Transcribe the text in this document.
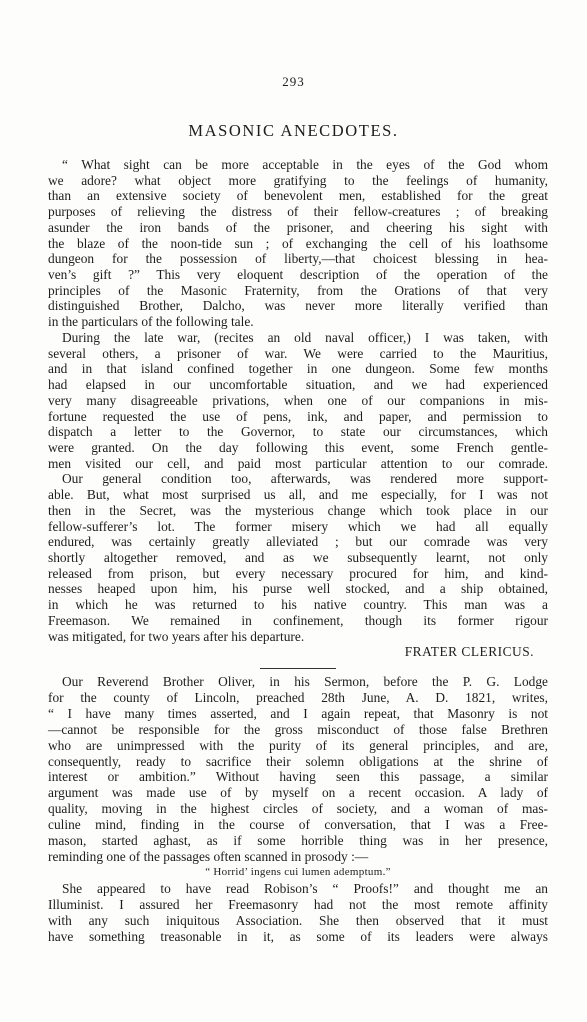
293
MASONIC ANECDOTES.
“ What sight can be more acceptable in the eyes of the God whom
we adore? what object more gratifying to the feelings of humanity,
than an extensive society of benevolent men, established for the great
purposes of relieving the distress of their fellow-creatures ; of breaking
asunder the iron bands of the prisoner, and cheering his sight with
the blaze of the noon-tide sun ; of exchanging the cell of his loathsome
dungeon for the possession of liberty,—that choicest blessing in hea-
ven’s gift ?” This very eloquent description of the operation of the
principles of the Masonic Fraternity, from the Orations of that very
distinguished Brother, Dalcho, was never more literally verified than
in the particulars of the following tale.
During the late war, (recites an old naval officer,) I was taken, with
several others, a prisoner of war. We were carried to the Mauritius,
and in that island confined together in one dungeon. Some few months
had elapsed in our uncomfortable situation, and we had experienced
very many disagreeable privations, when one of our companions in mis-
fortune requested the use of pens, ink, and paper, and permission to
dispatch a letter to the Governor, to state our circumstances, which
were granted. On the day following this event, some French gentle-
men visited our cell, and paid most particular attention to our comrade.
Our general condition too, afterwards, was rendered more support-
able. But, what most surprised us all, and me especially, for I was not
then in the Secret, was the mysterious change which took place in our
fellow-sufferer’s lot. The former misery which we had all equally
endured, was certainly greatly alleviated ; but our comrade was very
shortly altogether removed, and as we subsequently learnt, not only
released from prison, but every necessary procured for him, and kind-
nesses heaped upon him, his purse well stocked, and a ship obtained,
in which he was returned to his native country. This man was a
Freemason. We remained in confinement, though its former rigour
was mitigated, for two years after his departure.
FRATER CLERICUS.
Our Reverend Brother Oliver, in his Sermon, before the P. G. Lodge
for the county of Lincoln, preached 28th June, A. D. 1821, writes,
“ I have many times asserted, and I again repeat, that Masonry is not
—cannot be responsible for the gross misconduct of those false Brethren
who are unimpressed with the purity of its general principles, and are,
consequently, ready to sacrifice their solemn obligations at the shrine of
interest or ambition.” Without having seen this passage, a similar
argument was made use of by myself on a recent occasion. A lady of
quality, moving in the highest circles of society, and a woman of mas-
culine mind, finding in the course of conversation, that I was a Free-
mason, started aghast, as if some horrible thing was in her presence,
reminding one of the passages often scanned in prosody :—
“ Horrid’ ingens cui lumen ademptum.”
She appeared to have read Robison’s “ Proofs!” and thought me an
Illuminist. I assured her Freemasonry had not the most remote affinity
with any such iniquitous Association. She then observed that it must
have something treasonable in it, as some of its leaders were always
